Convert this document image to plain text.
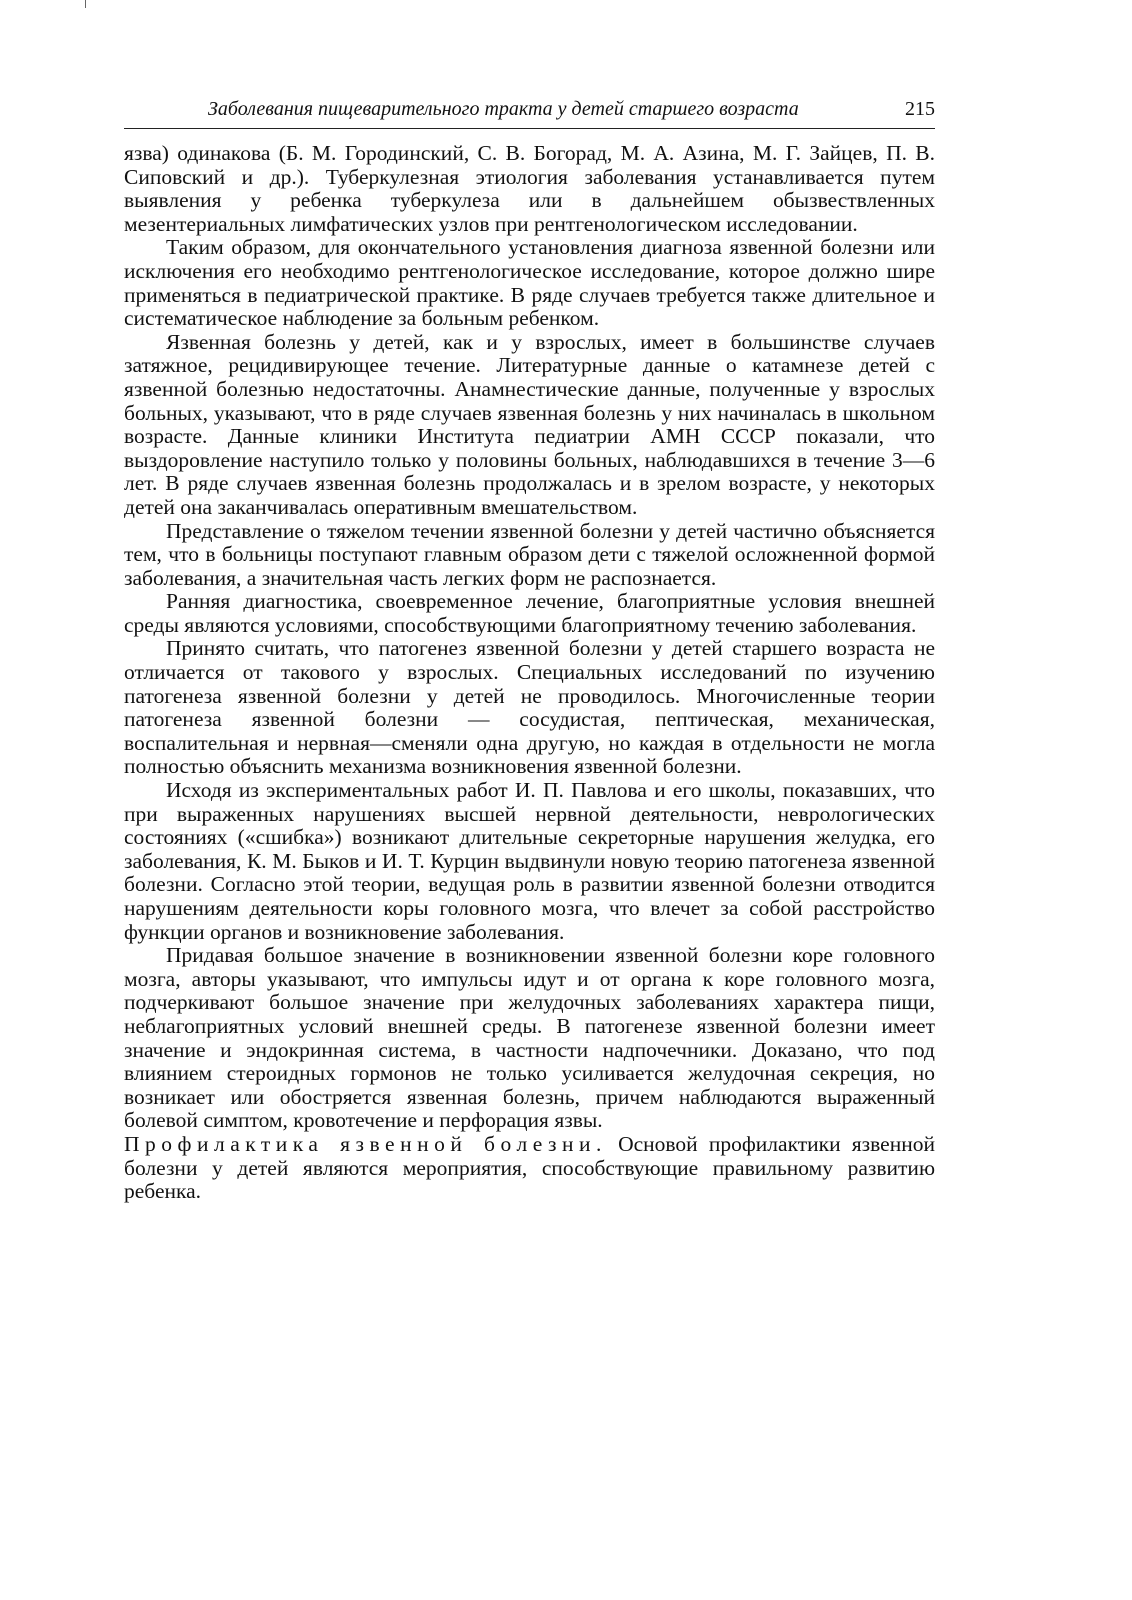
Заболевания пищеварительного тракта у детей старшего возраста	215

язва) одинакова (Б. М. Городинский, С. В. Богорад, М. А. Азина, М. Г. Зайцев, П. В. Сиповский и др.). Туберкулезная этиология заболевания устанавливается путем выявления у ребенка туберкулеза или в дальнейшем обызвествленных мезентериальных лимфатических узлов при рентгенологическом исследовании.

Таким образом, для окончательного установления диагноза язвенной болезни или исключения его необходимо рентгенологическое исследование, которое должно шире применяться в педиатрической практике. В ряде случаев требуется также длительное и систематическое наблюдение за больным ребенком.

Язвенная болезнь у детей, как и у взрослых, имеет в большинстве случаев затяжное, рецидивирующее течение. Литературные данные о катамнезе детей с язвенной болезнью недостаточны. Анамнестические данные, полученные у взрослых больных, указывают, что в ряде случаев язвенная болезнь у них начиналась в школьном возрасте. Данные клиники Института педиатрии АМН СССР показали, что выздоровление наступило только у половины больных, наблюдавшихся в течение 3—6 лет. В ряде случаев язвенная болезнь продолжалась и в зрелом возрасте, у некоторых детей она заканчивалась оперативным вмешательством.

Представление о тяжелом течении язвенной болезни у детей частично объясняется тем, что в больницы поступают главным образом дети с тяжелой осложненной формой заболевания, а значительная часть легких форм не распознается.

Ранняя диагностика, своевременное лечение, благоприятные условия внешней среды являются условиями, способствующими благоприятному течению заболевания.

Принято считать, что патогенез язвенной болезни у детей старшего возраста не отличается от такового у взрослых. Специальных исследований по изучению патогенеза язвенной болезни у детей не проводилось. Многочисленные теории патогенеза язвенной болезни — сосудистая, пептическая, механическая, воспалительная и нервная—сменяли одна другую, но каждая в отдельности не могла полностью объяснить механизма возникновения язвенной болезни.

Исходя из экспериментальных работ И. П. Павлова и его школы, показавших, что при выраженных нарушениях высшей нервной деятельности, неврологических состояниях («сшибка») возникают длительные секреторные нарушения желудка, его заболевания, К. М. Быков и И. Т. Курцин выдвинули новую теорию патогенеза язвенной болезни. Согласно этой теории, ведущая роль в развитии язвенной болезни отводится нарушениям деятельности коры головного мозга, что влечет за собой расстройство функции органов и возникновение заболевания.

Придавая большое значение в возникновении язвенной болезни коре головного мозга, авторы указывают, что импульсы идут и от органа к коре головного мозга, подчеркивают большое значение при желудочных заболеваниях характера пищи, неблагоприятных условий внешней среды. В патогенезе язвенной болезни имеет значение и эндокринная система, в частности надпочечники. Доказано, что под влиянием стероидных гормонов не только усиливается желудочная секреция, но возникает или обостряется язвенная болезнь, причем наблюдаются выраженный болевой симптом, кровотечение и перфорация язвы.

Профилактика язвенной болезни. Основой профилактики язвенной болезни у детей являются мероприятия, способствующие правильному развитию ребенка.
